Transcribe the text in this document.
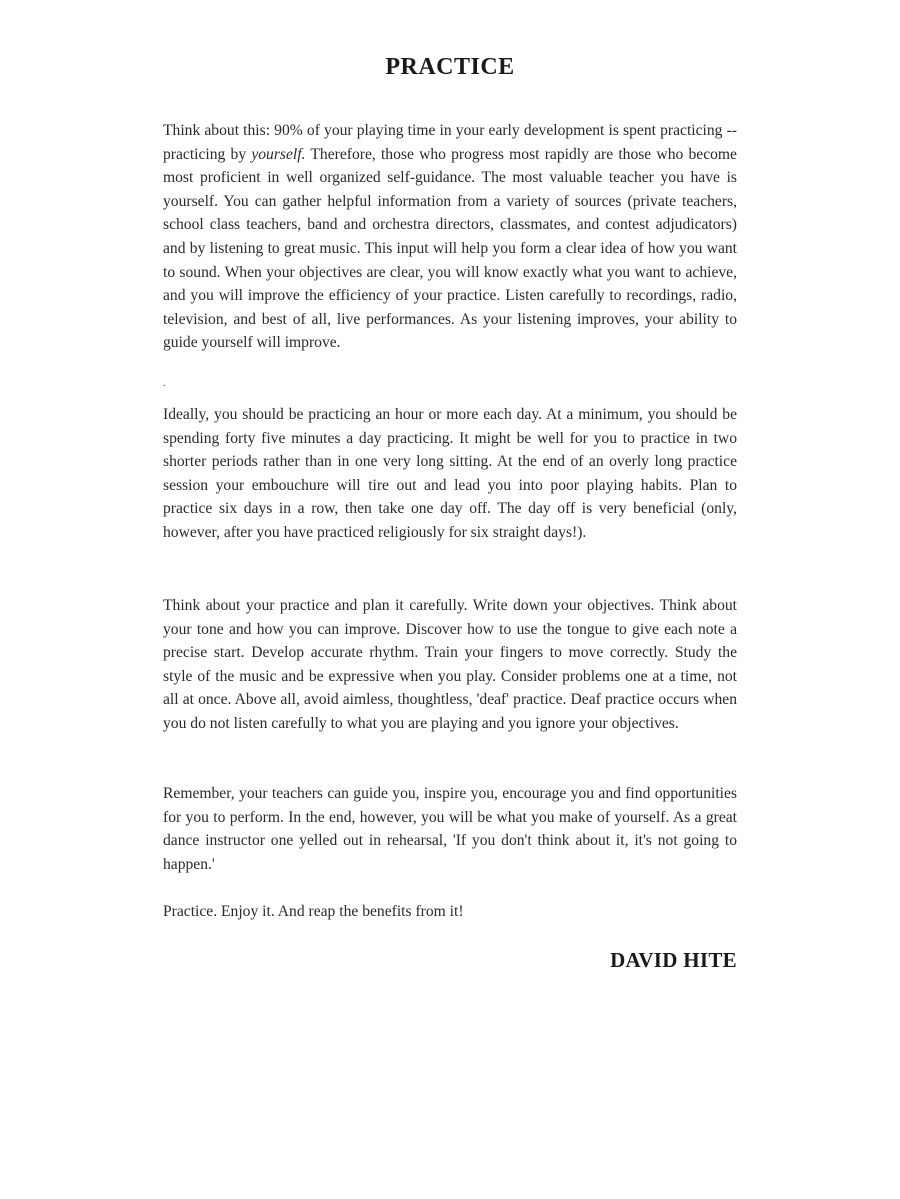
PRACTICE

Think about this: 90% of your playing time in your early development is spent practicing -- practicing by yourself. Therefore, those who progress most rapidly are those who become most proficient in well organized self-guidance. The most valuable teacher you have is yourself. You can gather helpful information from a variety of sources (private teachers, school class teachers, band and orchestra directors, classmates, and contest adjudicators) and by listening to great music. This input will help you form a clear idea of how you want to sound. When your objectives are clear, you will know exactly what you want to achieve, and you will improve the efficiency of your practice. Listen carefully to recordings, radio, television, and best of all, live performances. As your listening improves, your ability to guide yourself will improve.

.

Ideally, you should be practicing an hour or more each day. At a minimum, you should be spending forty five minutes a day practicing. It might be well for you to practice in two shorter periods rather than in one very long sitting. At the end of an overly long practice session your embouchure will tire out and lead you into poor playing habits. Plan to practice six days in a row, then take one day off. The day off is very beneficial (only, however, after you have practiced religiously for six straight days!).

Think about your practice and plan it carefully. Write down your objectives. Think about your tone and how you can improve. Discover how to use the tongue to give each note a precise start. Develop accurate rhythm. Train your fingers to move correctly. Study the style of the music and be expressive when you play. Consider problems one at a time, not all at once. Above all, avoid aimless, thoughtless, 'deaf' practice. Deaf practice occurs when you do not listen carefully to what you are playing and you ignore your objectives.

Remember, your teachers can guide you, inspire you, encourage you and find opportunities for you to perform. In the end, however, you will be what you make of yourself. As a great dance instructor one yelled out in rehearsal, 'If you don't think about it, it's not going to happen.'

Practice. Enjoy it. And reap the benefits from it!

DAVID HITE
